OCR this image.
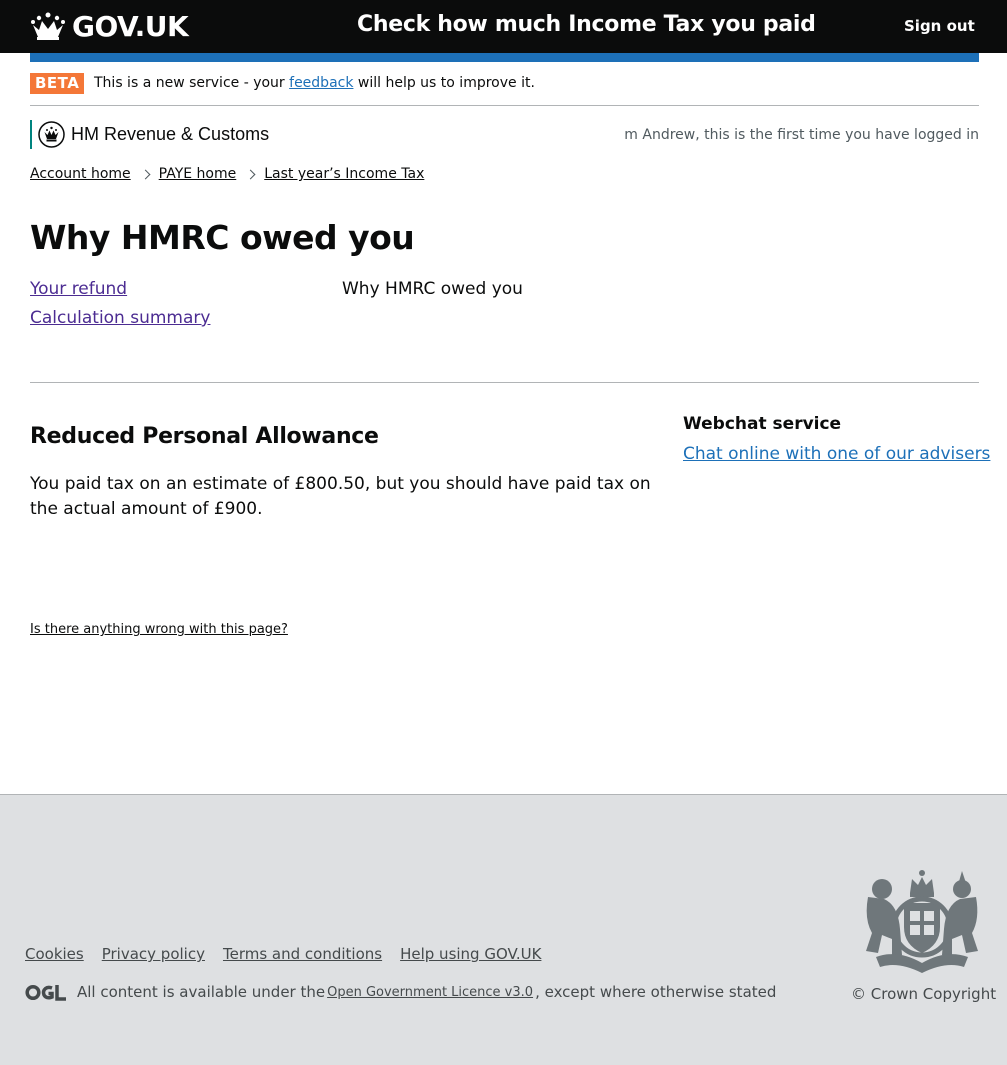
GOV.UK	Check how much Income Tax you paid	Sign out
BETA	This is a new service - your feedback will help us to improve it.
HM Revenue & Customs	m Andrew, this is the first time you have logged in
Account home PAYE home Last year’s Income Tax
Why HMRC owed you
Your refund
Calculation summary
Why HMRC owed you
Reduced Personal Allowance

You paid tax on an estimate of £800.50, but you should have paid tax on the actual amount of £900.

Webchat service
Chat online with one of our advisers
Is there anything wrong with this page?
Cookies Privacy policy Terms and conditions Help using GOV.UK
All content is available under the Open Government Licence v3.0 , except where otherwise stated	© Crown Copyright
